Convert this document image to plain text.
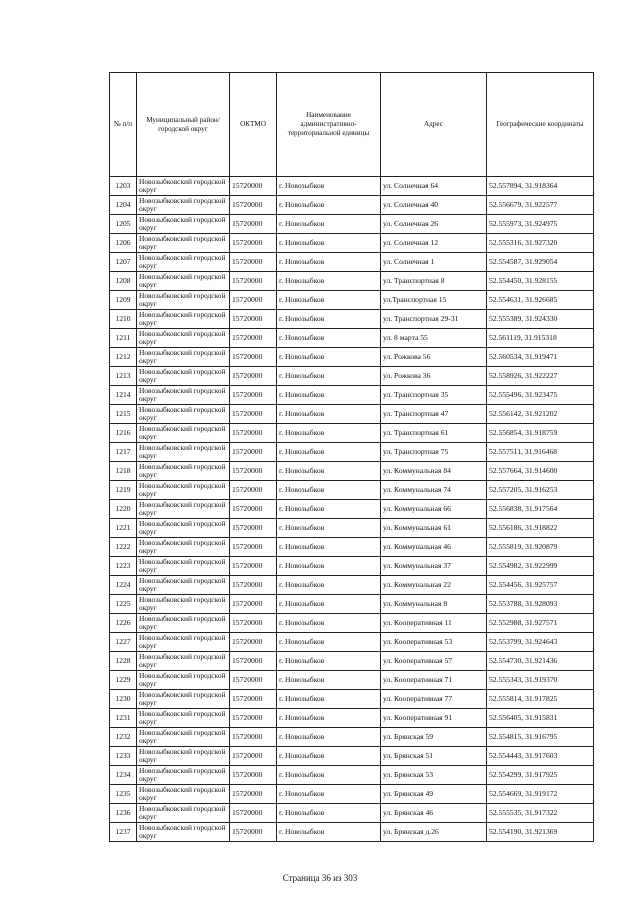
№ п/п	Муниципальный район/городской округ	ОКТМО	Наименование административно-территориальной единицы	Адрес	Географические координаты
1203	Новозыбковский городской округ	15720000	г. Новозыбков	ул. Солнечная 64	52.557894, 31.918364
1204	Новозыбковский городской округ	15720000	г. Новозыбков	ул. Солнечная 40	52.556679, 31.922577
1205	Новозыбковский городской округ	15720000	г. Новозыбков	ул. Солнечная 26	52.555973, 31.924975
1206	Новозыбковский городской округ	15720000	г. Новозыбков	ул. Солнечная 12	52.555316, 31.927320
1207	Новозыбковский городской округ	15720000	г. Новозыбков	ул. Солнечная 1	52.554587, 31.929054
1208	Новозыбковский городской округ	15720000	г. Новозыбков	ул. Транспортная 8	52.554450, 31.928155
1209	Новозыбковский городской округ	15720000	г. Новозыбков	ул.Транспортная 15	52.554631, 31.926685
1210	Новозыбковский городской округ	15720000	г. Новозыбков	ул. Транспортная 29-31	52.555389, 31.924330
1211	Новозыбковский городской округ	15720000	г. Новозыбков	ул. 8 марта 55	52.561119, 31.915318
1212	Новозыбковский городской округ	15720000	г. Новозыбков	ул. Рожкова 56	52.560534, 31.919471
1213	Новозыбковский городской округ	15720000	г. Новозыбков	ул. Рожкова 36	52.558926, 31.922227
1214	Новозыбковский городской округ	15720000	г. Новозыбков	ул. Транспортная 35	52.555496, 31.923475
1215	Новозыбковский городской округ	15720000	г. Новозыбков	ул. Транспортная 47	52.556142, 31.921202
1216	Новозыбковский городской округ	15720000	г. Новозыбков	ул. Транспортная 61	52.556854, 31.918759
1217	Новозыбковский городской округ	15720000	г. Новозыбков	ул. Транспортная 75	52.557511, 31.916468
1218	Новозыбковский городской округ	15720000	г. Новозыбков	ул. Коммунальная 84	52.557664, 31.914600
1219	Новозыбковский городской округ	15720000	г. Новозыбков	ул. Коммунальная 74	52.557205, 31.916253
1220	Новозыбковский городской округ	15720000	г. Новозыбков	ул. Коммунальная 66	52.556838, 31.917564
1221	Новозыбковский городской округ	15720000	г. Новозыбков	ул. Коммунальная 61	52.556186, 31.918822
1222	Новозыбковский городской округ	15720000	г. Новозыбков	ул. Коммунальная 46	52.555819, 31.920879
1223	Новозыбковский городской округ	15720000	г. Новозыбков	ул. Коммунальная 37	52.554982, 31.922999
1224	Новозыбковский городской округ	15720000	г. Новозыбков	ул. Коммунальная 22	52.554456, 31.925757
1225	Новозыбковский городской округ	15720000	г. Новозыбков	ул. Коммунальная 8	52.553788, 31.928093
1226	Новозыбковский городской округ	15720000	г. Новозыбков	ул. Кооперативная 11	52.552988, 31.927571
1227	Новозыбковский городской округ	15720000	г. Новозыбков	ул. Кооперативная 53	52.553799, 31.924643
1228	Новозыбковский городской округ	15720000	г. Новозыбков	ул. Кооперативная 57	52.554730, 31.921436
1229	Новозыбковский городской округ	15720000	г. Новозыбков	ул. Кооперативная 71	52.555343, 31.919370
1230	Новозыбковский городской округ	15720000	г. Новозыбков	ул. Кооперативная 77	52.555814, 31.917825
1231	Новозыбковский городской округ	15720000	г. Новозыбков	ул. Кооперативная 91	52.556405, 31.915831
1232	Новозыбковский городской округ	15720000	г. Новозыбков	ул. Брянская 59	52.554815, 31.916795
1233	Новозыбковский городской округ	15720000	г. Новозыбков	ул. Брянская 51	52.554443, 31.917603
1234	Новозыбковский городской округ	15720000	г. Новозыбков	ул. Брянская 53	52.554299, 31.917925
1235	Новозыбковский городской округ	15720000	г. Новозыбков	ул. Брянская 49	52.554669, 31.919172
1236	Новозыбковский городской округ	15720000	г. Новозыбков	ул. Брянская 46	52.555535, 31.917322
1237	Новозыбковский городской округ	15720000	г. Новозыбков	ул. Брянская д.26	52.554190, 31.921369
Страница 36 из 303
